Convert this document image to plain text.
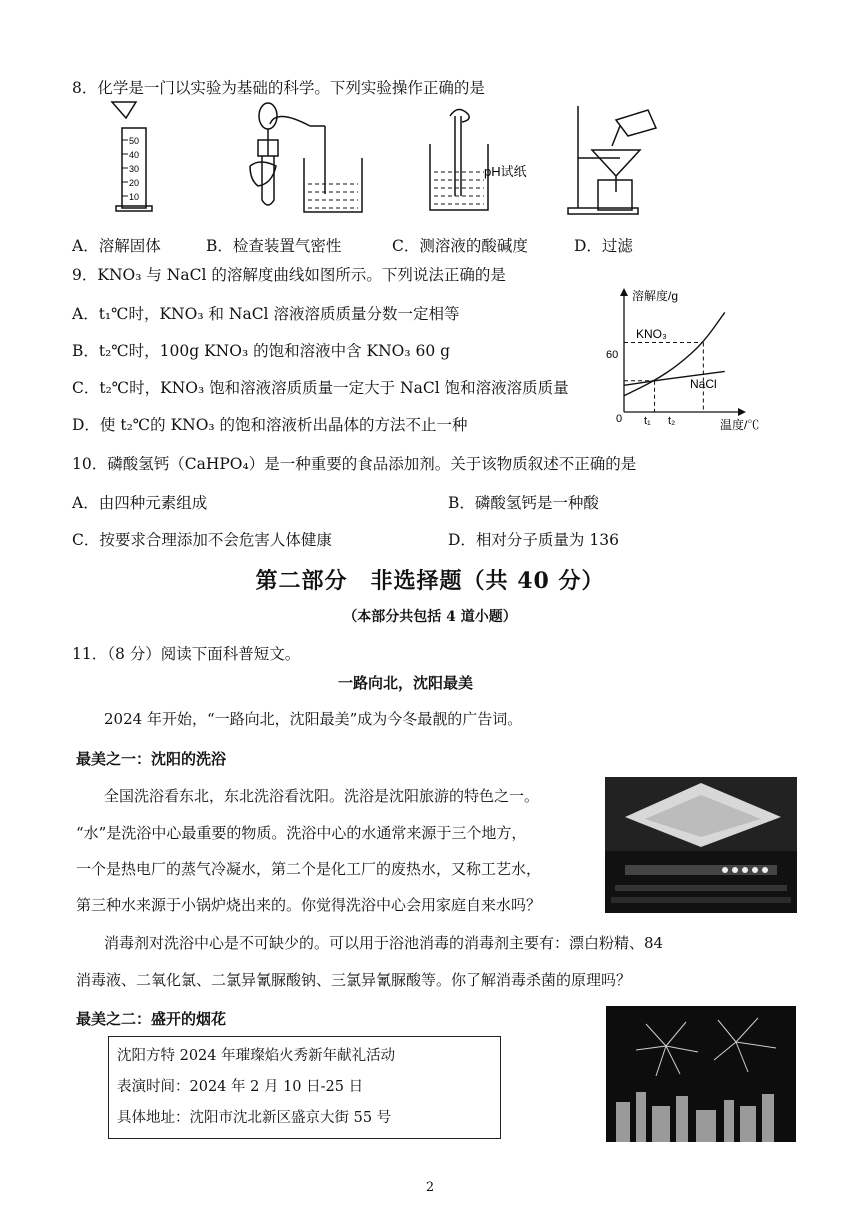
8．化学是一门以实验为基础的科学。下列实验操作正确的是
50
40
30
20
10
pH试纸
A．溶解固体	B．检查装置气密性	C．测溶液的酸碱度	D．过滤
9．KNO₃ 与 NaCl 的溶解度曲线如图所示。下列说法正确的是
A．t₁℃时，KNO₃ 和 NaCl 溶液溶质质量分数一定相等
B．t₂℃时，100g KNO₃ 的饱和溶液中含 KNO₃ 60 g
C．t₂℃时，KNO₃ 饱和溶液溶质质量一定大于 NaCl 饱和溶液溶质质量
D．使 t₂℃的 KNO₃ 的饱和溶液析出晶体的方法不止一种
溶解度/g
温度/℃
0
60
t₁ t₂
KNO₃
NaCl
10．磷酸氢钙（CaHPO₄）是一种重要的食品添加剂。关于该物质叙述不正确的是
A．由四种元素组成	B．磷酸氢钙是一种酸
C．按要求合理添加不会危害人体健康	D．相对分子质量为 136
第二部分　非选择题（共 40 分）
（本部分共包括 4 道小题）
11．（8 分）阅读下面科普短文。
一路向北，沈阳最美
2024 年开始，“一路向北，沈阳最美”成为今冬最靓的广告词。
最美之一：沈阳的洗浴
全国洗浴看东北，东北洗浴看沈阳。洗浴是沈阳旅游的特色之一。
“水”是洗浴中心最重要的物质。洗浴中心的水通常来源于三个地方，
一个是热电厂的蒸气冷凝水，第二个是化工厂的废热水，又称工艺水，
第三种水来源于小锅炉烧出来的。你觉得洗浴中心会用家庭自来水吗？
消毒剂对洗浴中心是不可缺少的。可以用于浴池消毒的消毒剂主要有：漂白粉精、84
消毒液、二氧化氯、二氯异氰脲酸钠、三氯异氰脲酸等。你了解消毒杀菌的原理吗？
最美之二：盛开的烟花
沈阳方特 2024 年璀璨焰火秀新年献礼活动
表演时间：2024 年 2 月 10 日-25 日
具体地址：沈阳市沈北新区盛京大街 55 号
2
